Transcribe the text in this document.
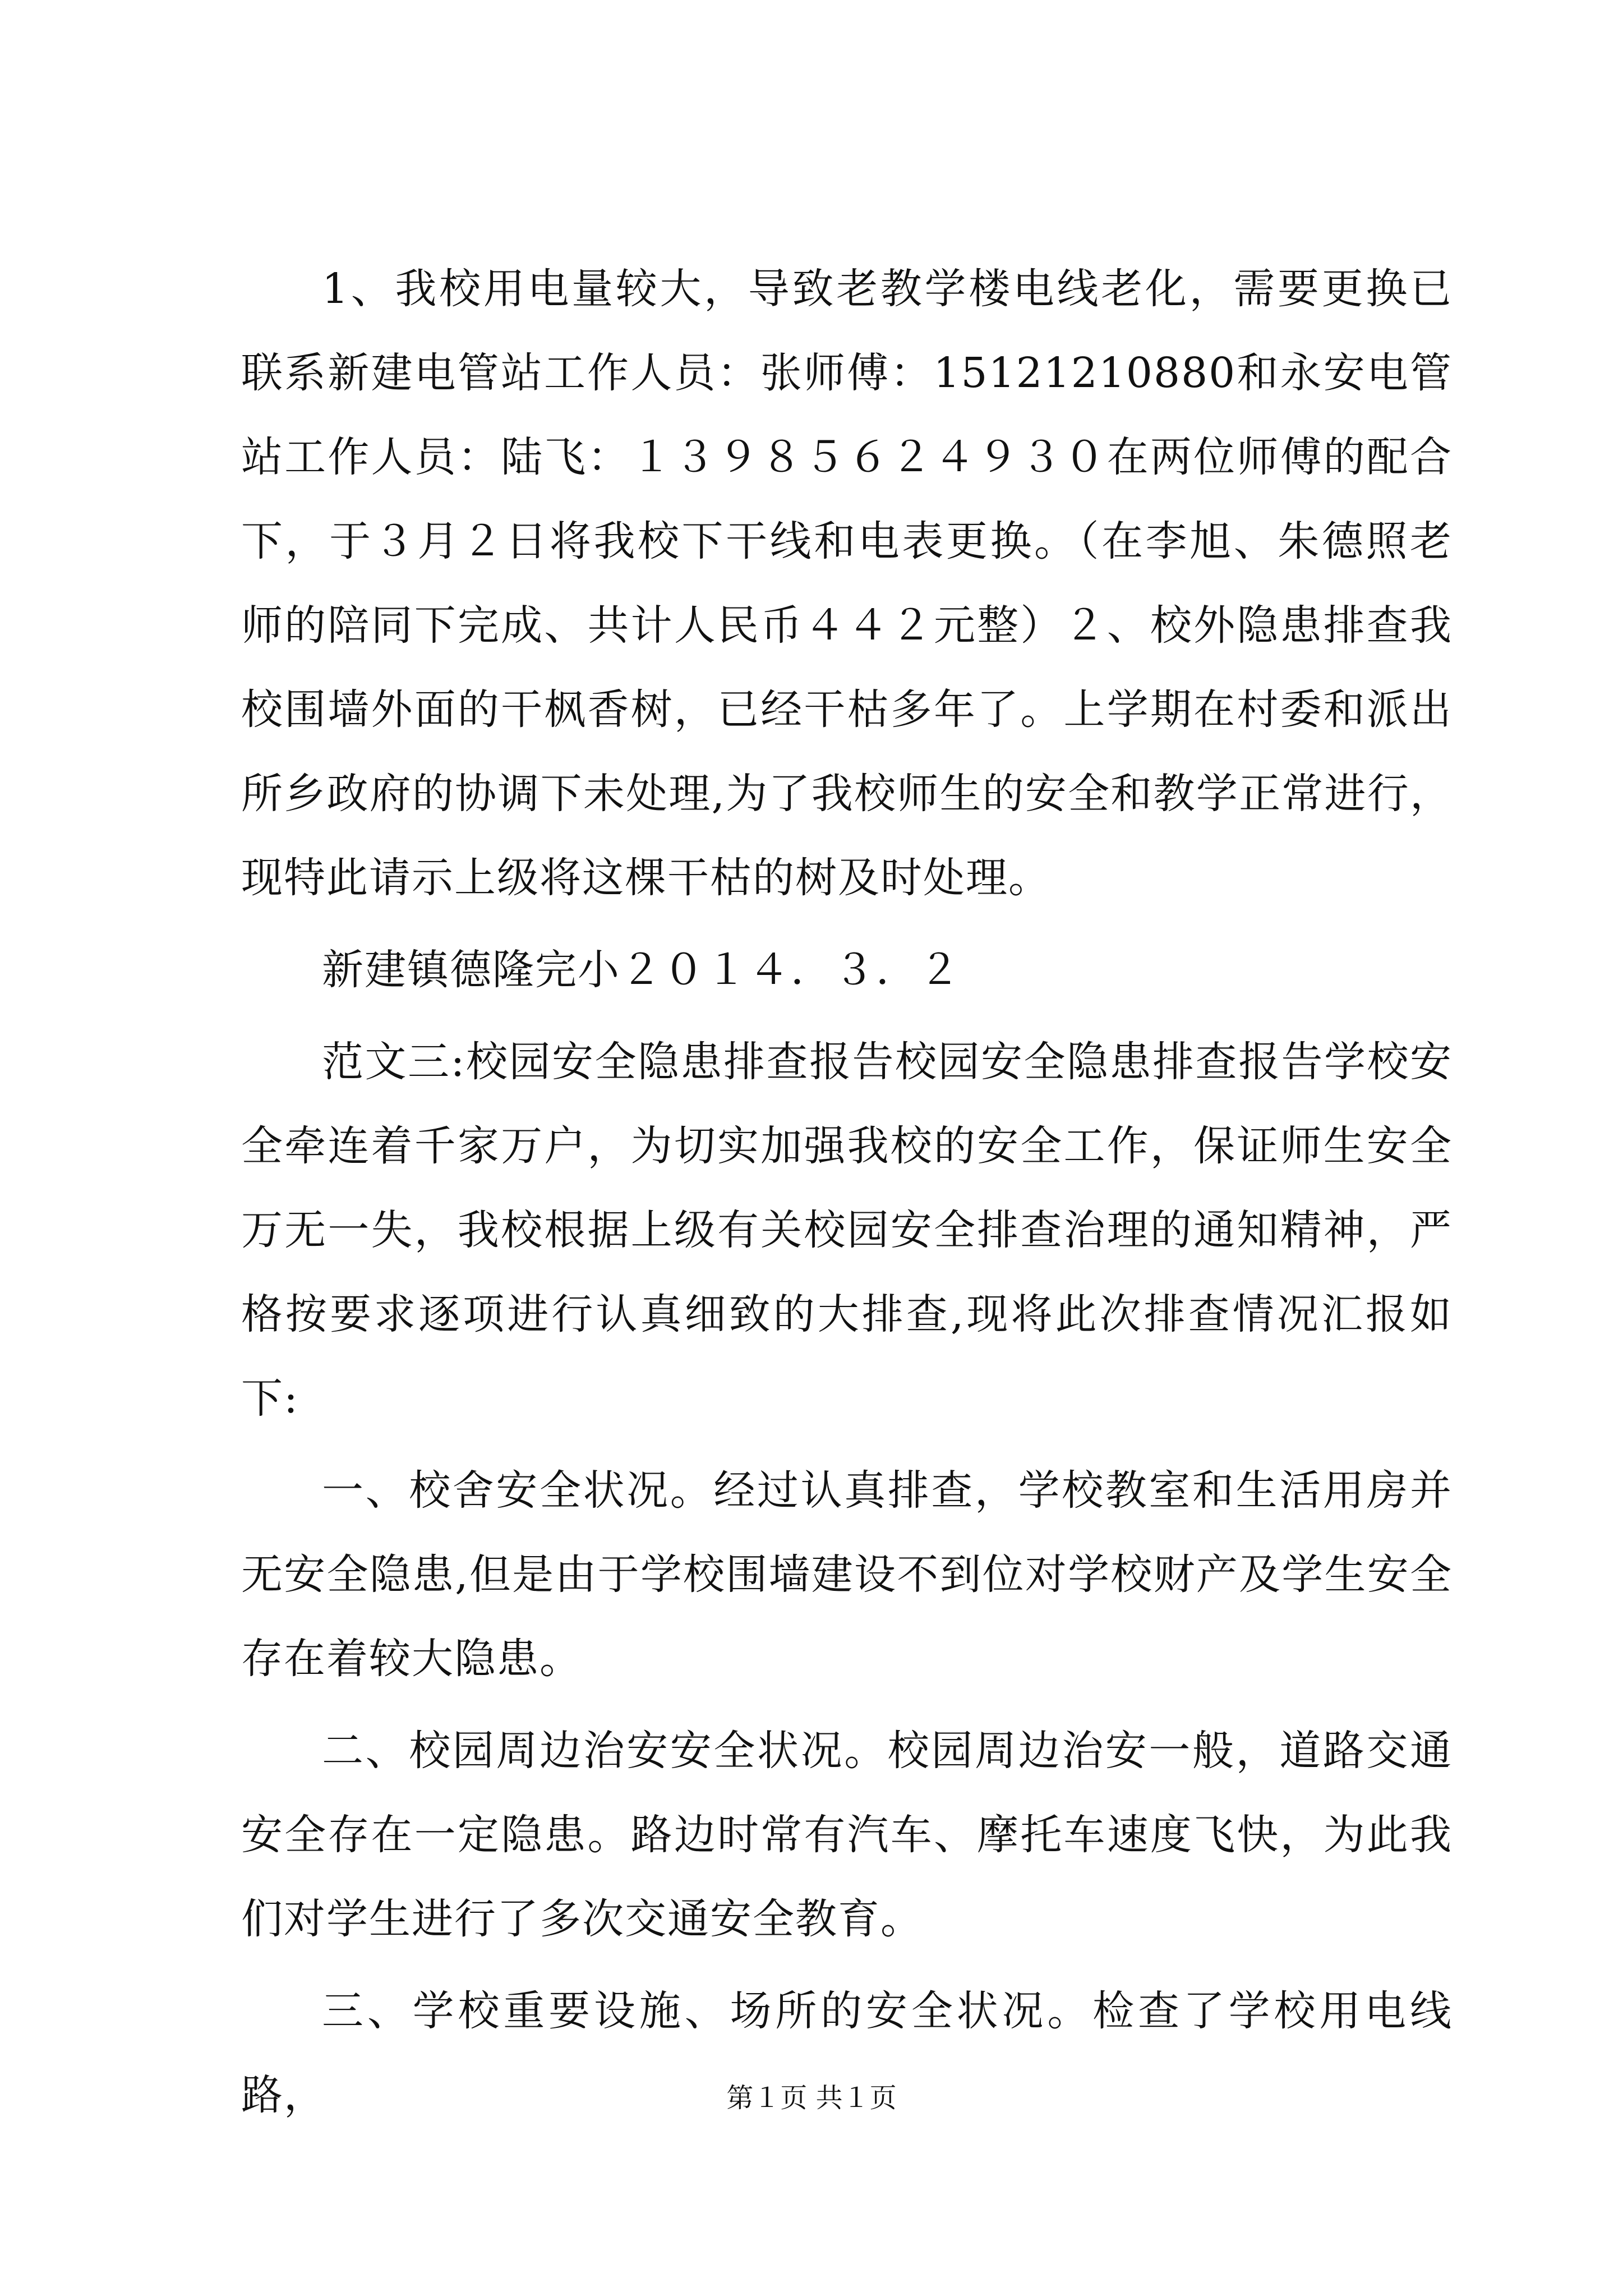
1、我校用电量较大，导致老教学楼电线老化，需要更换已联系新建电管站工作人员：张师傅：15121210880和永安电管站工作人员：陆飞：１３９８５６２４９３０在两位师傅的配合下，于３月２日将我校下干线和电表更换。（在李旭、朱德照老师的陪同下完成、共计人民币４４２元整）２、校外隐患排查我校围墙外面的干枫香树，已经干枯多年了。上学期在村委和派出所乡政府的协调下未处理,为了我校师生的安全和教学正常进行，现特此请示上级将这棵干枯的树及时处理。

新建镇德隆完小２０１４．３．２

范文三:校园安全隐患排查报告校园安全隐患排查报告学校安全牵连着千家万户，为切实加强我校的安全工作，保证师生安全万无一失，我校根据上级有关校园安全排查治理的通知精神，严格按要求逐项进行认真细致的大排查,现将此次排查情况汇报如下:

一、校舍安全状况。经过认真排查，学校教室和生活用房并无安全隐患,但是由于学校围墙建设不到位对学校财产及学生安全存在着较大隐患。

二、校园周边治安安全状况。校园周边治安一般，道路交通安全存在一定隐患。路边时常有汽车、摩托车速度飞快，为此我们对学生进行了多次交通安全教育。

三、学校重要设施、场所的安全状况。检查了学校用电线路，	第１页 共１页
